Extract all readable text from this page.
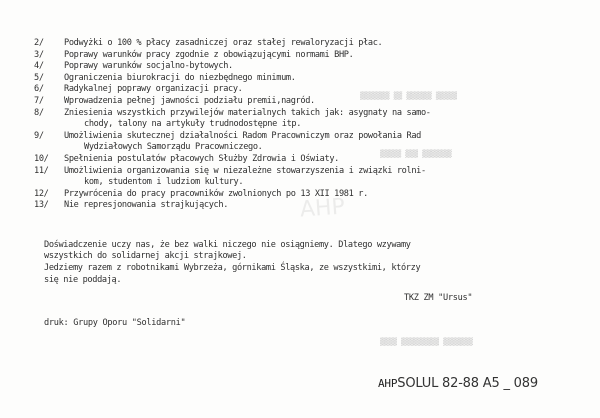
▒▒▒▒▒ ▒▒▒▒▒▒ ▒▒ ▒▒▒▒▒▒▒
▒▒▒▒▒▒▒ ▒▒▒ ▒▒▒▒▒
▒▒▒▒▒▒▒ ▒▒▒▒▒▒▒▒▒ ▒▒▒▒
AHP
2/	Podwyżki o 100 % płacy zasadniczej oraz stałej rewaloryzacji płac.
3/	Poprawy warunków pracy zgodnie z obowiązującymi normami BHP.
4/	Poprawy warunków socjalno-bytowych.
5/	Ograniczenia biurokracji do niezbędnego minimum.
6/	Radykalnej poprawy organizacji pracy.
7/	Wprowadzenia pełnej jawności podziału premii,nagród.
8/	Zniesienia wszystkich przywilejów materialnych takich jak: asygnaty na samo-
chody, talony na artykuły trudnodostępne itp.
9/	Umożliwienia skutecznej działalności Radom Pracowniczym oraz powołania Rad
Wydziałowych Samorządu Pracowniczego.
10/	Spełnienia postulatów płacowych Służby Zdrowia i Oświaty.
11/	Umożliwienia organizowania się w niezależne stowarzyszenia i związki rolni-
kom, studentom i ludziom kultury.
12/	Przywrócenia do pracy pracowników zwolnionych po 13 XII 1981 r.
13/	Nie represjonowania strajkujących.
Doświadczenie uczy nas, że bez walki niczego nie osiągniemy. Dlatego wzywamy
wszystkich do solidarnej akcji strajkowej.
Jedziemy razem z robotnikami Wybrzeża, górnikami Śląska, ze wszystkimi, którzy
się nie poddają.
TKZ ZM "Ursus"
druk: Grupy Oporu "Solidarni"
AHPSOLUL 82-88 A5 _ 089
